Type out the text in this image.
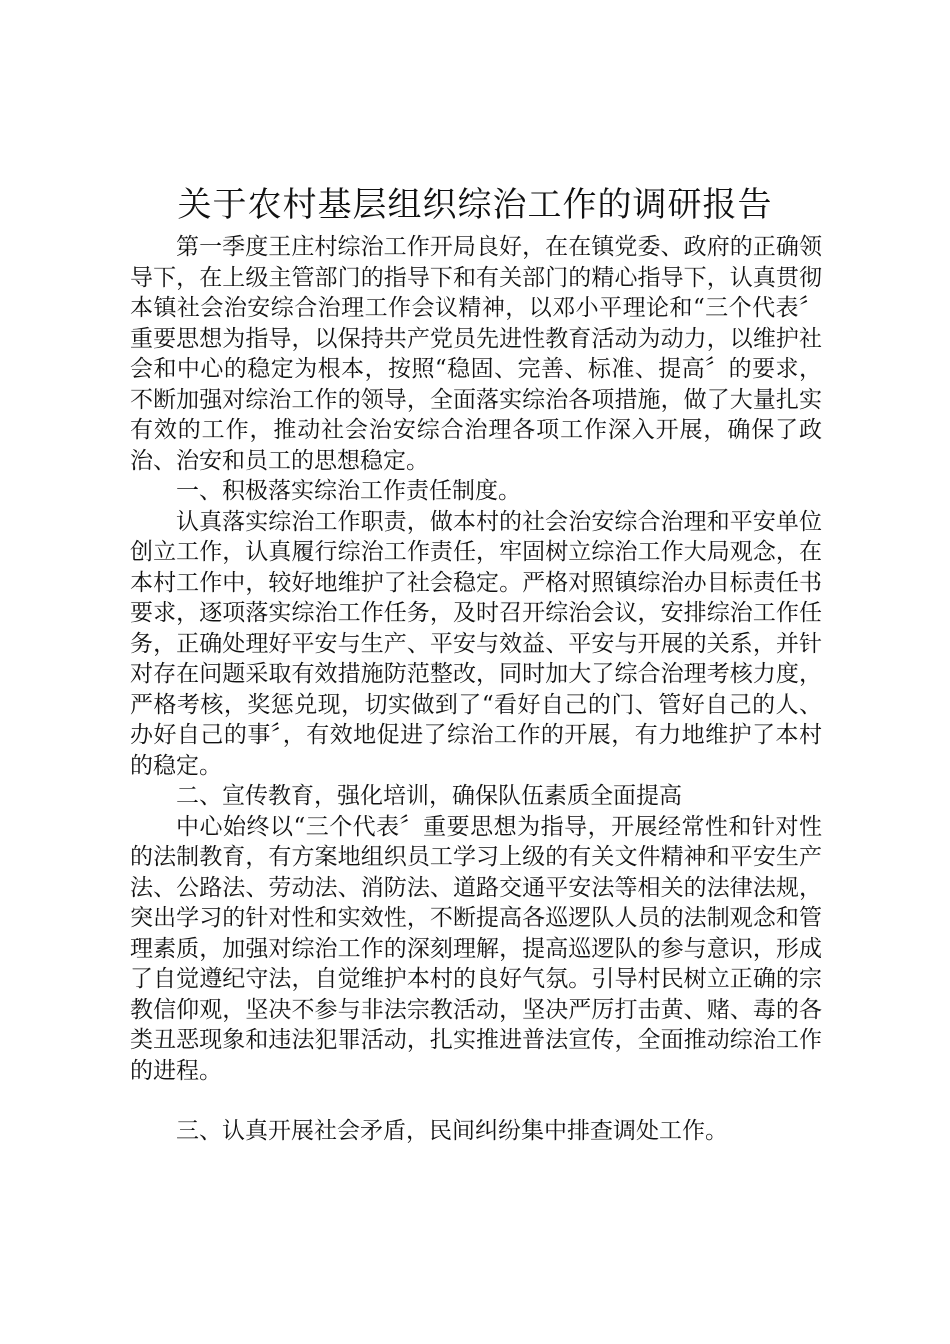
关于农村基层组织综治工作的调研报告

第一季度王庄村综治工作开局良好，在在镇党委、政府的正确领导下，在上级主管部门的指导下和有关部门的精心指导下，认真贯彻本镇社会治安综合治理工作会议精神，以邓小平理论和“三个代表〞重要思想为指导，以保持共产党员先进性教育活动为动力，以维护社会和中心的稳定为根本，按照“稳固、完善、标准、提高〞的要求，不断加强对综治工作的领导，全面落实综治各项措施，做了大量扎实有效的工作，推动社会治安综合治理各项工作深入开展，确保了政治、治安和员工的思想稳定。

一、积极落实综治工作责任制度。

认真落实综治工作职责，做本村的社会治安综合治理和平安单位创立工作，认真履行综治工作责任，牢固树立综治工作大局观念，在本村工作中，较好地维护了社会稳定。严格对照镇综治办目标责任书要求，逐项落实综治工作任务，及时召开综治会议，安排综治工作任务，正确处理好平安与生产、平安与效益、平安与开展的关系，并针对存在问题采取有效措施防范整改，同时加大了综合治理考核力度，严格考核，奖惩兑现，切实做到了“看好自己的门、管好自己的人、办好自己的事〞，有效地促进了综治工作的开展，有力地维护了本村的稳定。

二、宣传教育，强化培训，确保队伍素质全面提高

中心始终以“三个代表〞重要思想为指导，开展经常性和针对性的法制教育，有方案地组织员工学习上级的有关文件精神和平安生产法、公路法、劳动法、消防法、道路交通平安法等相关的法律法规，突出学习的针对性和实效性，不断提高各巡逻队人员的法制观念和管理素质，加强对综治工作的深刻理解，提高巡逻队的参与意识，形成了自觉遵纪守法，自觉维护本村的良好气氛。引导村民树立正确的宗教信仰观，坚决不参与非法宗教活动，坚决严厉打击黄、赌、毒的各类丑恶现象和违法犯罪活动，扎实推进普法宣传，全面推动综治工作的进程。

三、认真开展社会矛盾，民间纠纷集中排查调处工作。
